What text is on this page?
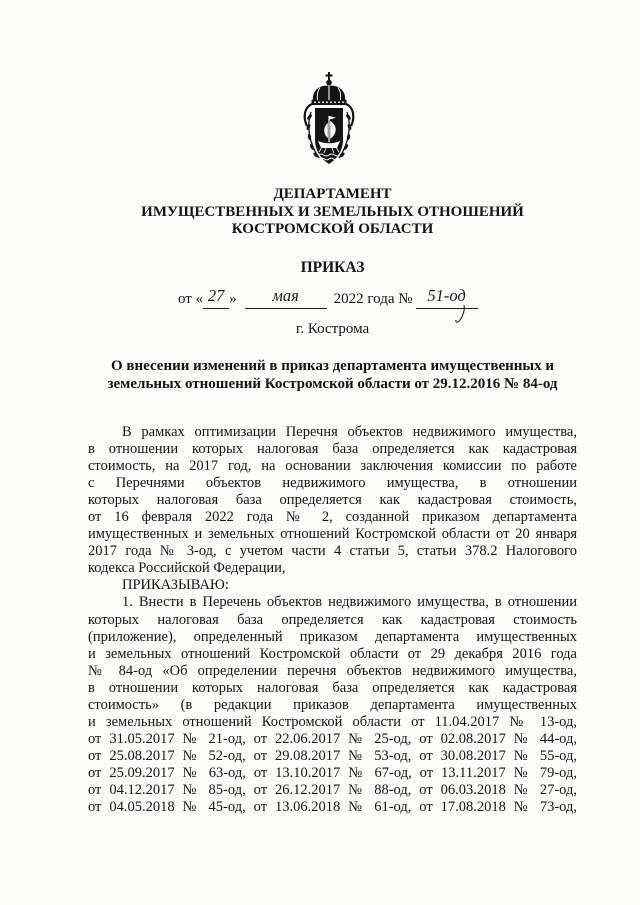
ДЕПАРТАМЕНТ
ИМУЩЕСТВЕННЫХ И ЗЕМЕЛЬНЫХ ОТНОШЕНИЙ
КОСТРОМСКОЙ ОБЛАСТИ
ПРИКАЗ
от « 27 »	мая	2022 года № 51-од
г. Кострома
О внесении изменений в приказ департамента имущественных и
земельных отношений Костромской области от 29.12.2016 № 84-од
В рамках оптимизации Перечня объектов недвижимого имущества,
в отношении которых налоговая база определяется как кадастровая
стоимость, на 2017 год, на основании заключения комиссии по работе
с Перечнями объектов недвижимого имущества, в отношении
которых налоговая база определяется как кадастровая стоимость,
от 16 февраля 2022 года № 2, созданной приказом департамента
имущественных и земельных отношений Костромской области от 20 января
2017 года № 3-од, с учетом части 4 статьи 5, статьи 378.2 Налогового
кодекса Российской Федерации,
ПРИКАЗЫВАЮ:
1. Внести в Перечень объектов недвижимого имущества, в отношении
которых налоговая база определяется как кадастровая стоимость
(приложение), определенный приказом департамента имущественных
и земельных отношений Костромской области от 29 декабря 2016 года
№ 84-од «Об определении перечня объектов недвижимого имущества,
в отношении которых налоговая база определяется как кадастровая
стоимость» (в редакции приказов департамента имущественных
и земельных отношений Костромской области от 11.04.2017 № 13-од,
от 31.05.2017 № 21-од, от 22.06.2017 № 25-од, от 02.08.2017 № 44-од,
от 25.08.2017 № 52-од, от 29.08.2017 № 53-од, от 30.08.2017 № 55-од,
от 25.09.2017 № 63-од, от 13.10.2017 № 67-од, от 13.11.2017 № 79-од,
от 04.12.2017 № 85-од, от 26.12.2017 № 88-од, от 06.03.2018 № 27-од,
от 04.05.2018 № 45-од, от 13.06.2018 № 61-од, от 17.08.2018 № 73-од,
